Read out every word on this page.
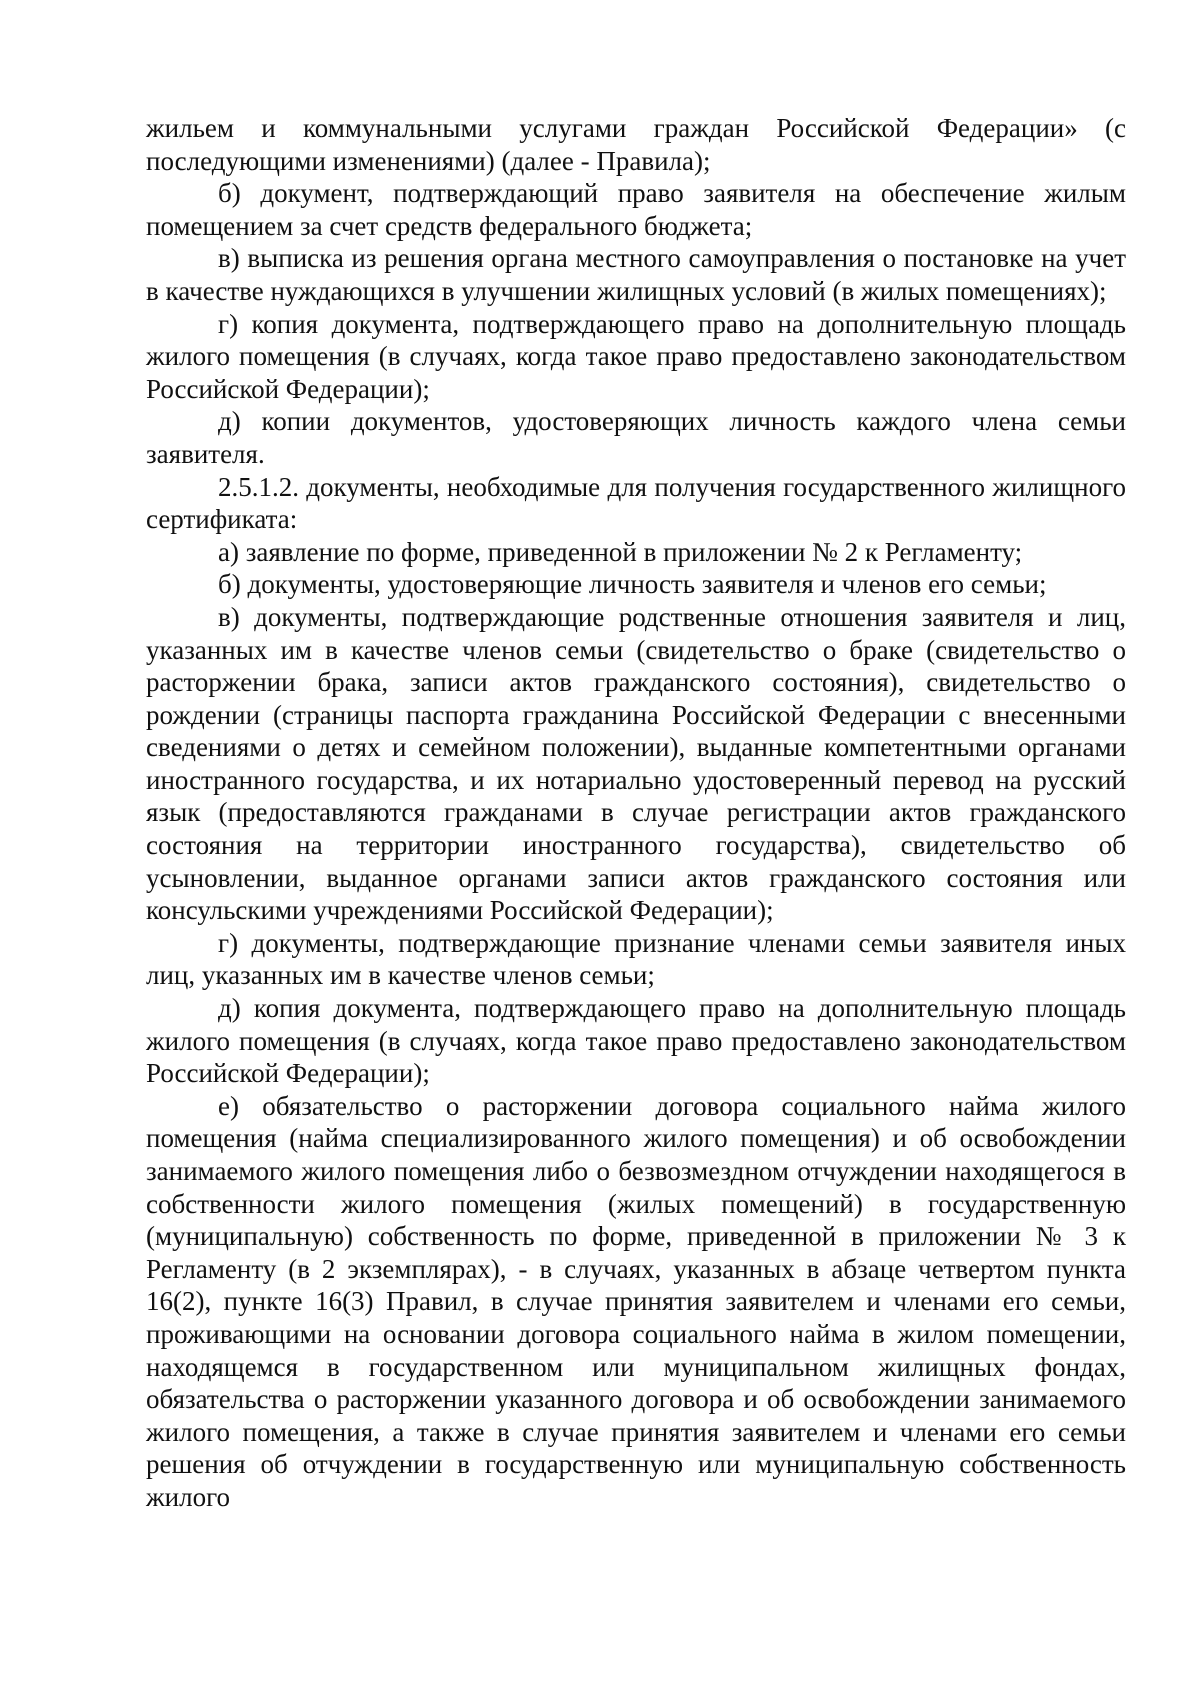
жильем и коммунальными услугами граждан Российской Федерации» (с последующими изменениями) (далее - Правила);

б) документ, подтверждающий право заявителя на обеспечение жилым помещением за счет средств федерального бюджета;

в) выписка из решения органа местного самоуправления о постановке на учет в качестве нуждающихся в улучшении жилищных условий (в жилых помещениях);

г) копия документа, подтверждающего право на дополнительную площадь жилого помещения (в случаях, когда такое право предоставлено законодательством Российской Федерации);

д) копии документов, удостоверяющих личность каждого члена семьи заявителя.

2.5.1.2. документы, необходимые для получения государственного жилищного сертификата:

а) заявление по форме, приведенной в приложении № 2 к Регламенту;

б) документы, удостоверяющие личность заявителя и членов его семьи;

в) документы, подтверждающие родственные отношения заявителя и лиц, указанных им в качестве членов семьи (свидетельство о браке (свидетельство о расторжении брака, записи актов гражданского состояния), свидетельство о рождении (страницы паспорта гражданина Российской Федерации с внесенными сведениями о детях и семейном положении), выданные компетентными органами иностранного государства, и их нотариально удостоверенный перевод на русский язык (предоставляются гражданами в случае регистрации актов гражданского состояния на территории иностранного государства), свидетельство об усыновлении, выданное органами записи актов гражданского состояния или консульскими учреждениями Российской Федерации);

г) документы, подтверждающие признание членами семьи заявителя иных лиц, указанных им в качестве членов семьи;

д) копия документа, подтверждающего право на дополнительную площадь жилого помещения (в случаях, когда такое право предоставлено законодательством Российской Федерации);

е) обязательство о расторжении договора социального найма жилого помещения (найма специализированного жилого помещения) и об освобождении занимаемого жилого помещения либо о безвозмездном отчуждении находящегося в собственности жилого помещения (жилых помещений) в государственную (муниципальную) собственность по форме, приведенной в приложении № 3 к Регламенту (в 2 экземплярах), - в случаях, указанных в абзаце четвертом пункта 16(2), пункте 16(3) Правил, в случае принятия заявителем и членами его семьи, проживающими на основании договора социального найма в жилом помещении, находящемся в государственном или муниципальном жилищных фондах, обязательства о расторжении указанного договора и об освобождении занимаемого жилого помещения, а также в случае принятия заявителем и членами его семьи решения об отчуждении в государственную или муниципальную собственность жилого
